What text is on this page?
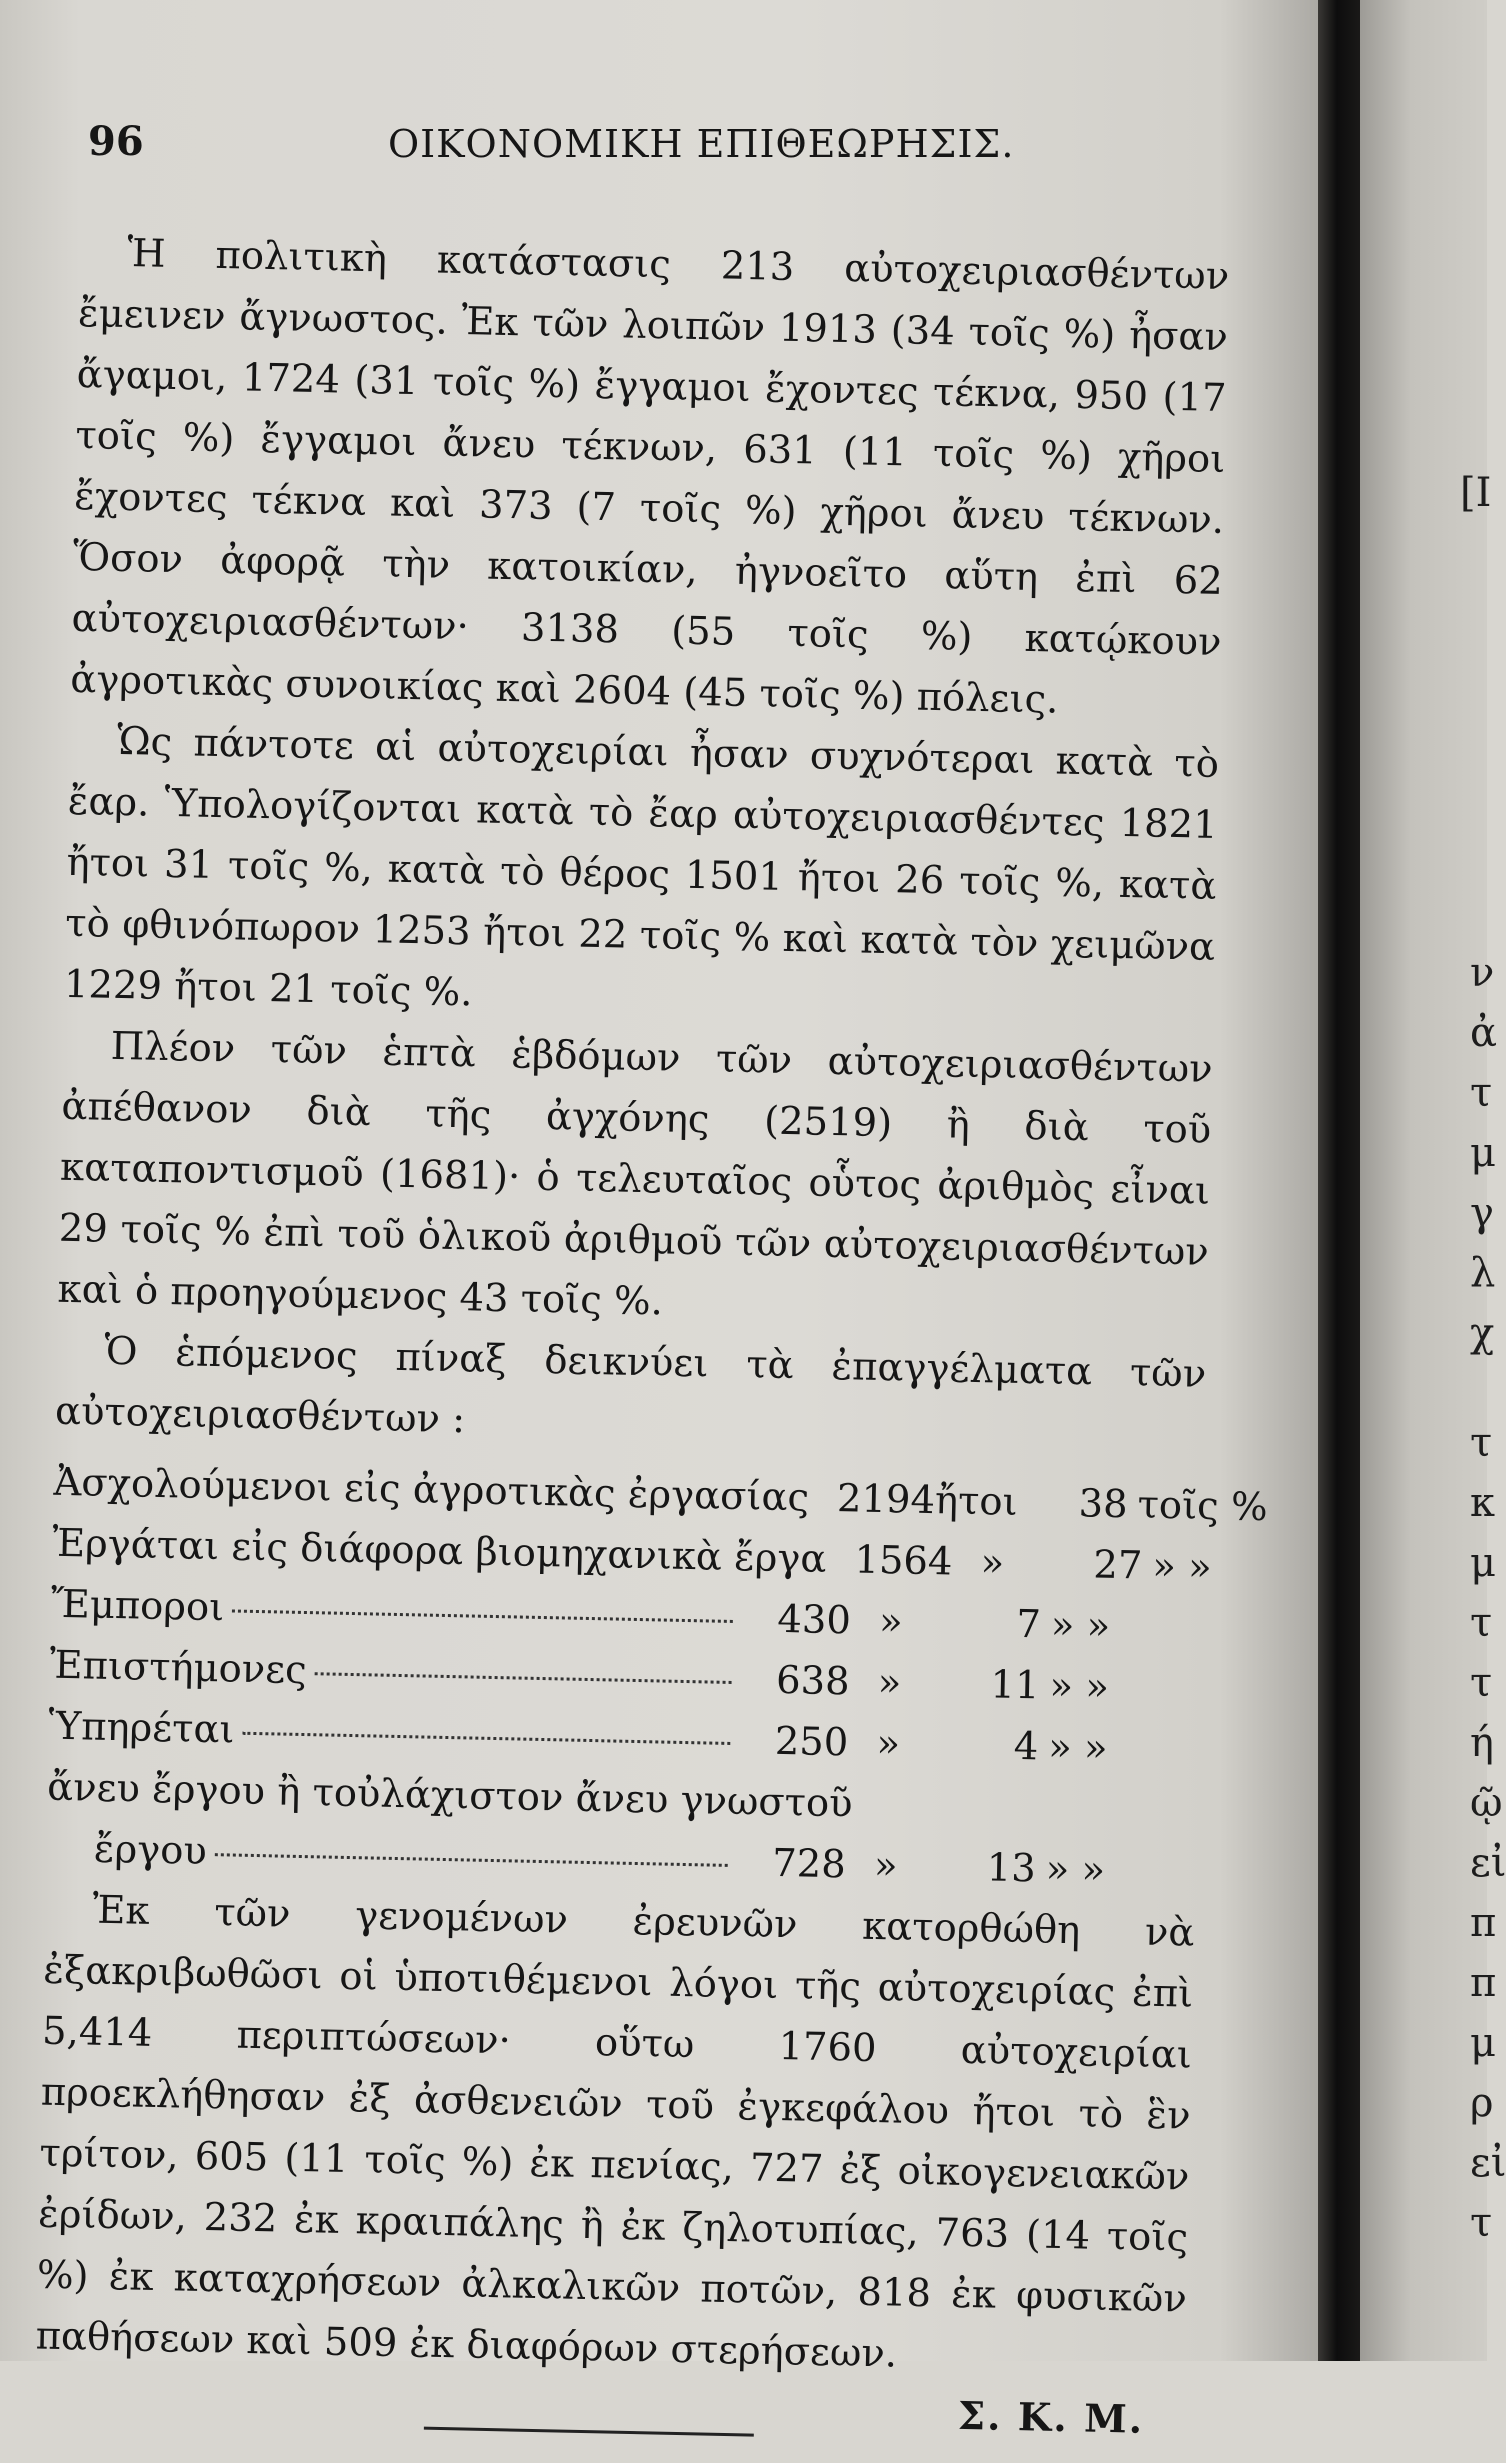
96	ΟΙΚΟΝΟΜΙΚΗ ΕΠΙΘΕΩΡΗΣΙΣ.

Ἡ πολιτικὴ κατάστασις 213 αὐτοχειριασθέντων ἔμεινεν ἄγνωστος. Ἐκ τῶν λοιπῶν 1913 (34 τοῖς %) ἦσαν ἄγαμοι, 1724 (31 τοῖς %) ἔγγαμοι ἔχοντες τέκνα, 950 (17 τοῖς %) ἔγγαμοι ἄνευ τέκνων, 631 (11 τοῖς %) χῆροι ἔχοντες τέκνα καὶ 373 (7 τοῖς %) χῆροι ἄνευ τέκνων. Ὅσον ἀφορᾷ τὴν κατοικίαν, ἠγνοεῖτο αὕτη ἐπὶ 62 αὐτοχειριασθέντων· 3138 (55 τοῖς %) κατῴκουν ἀγροτικὰς συνοικίας καὶ 2604 (45 τοῖς %) πόλεις.

Ὡς πάντοτε αἱ αὐτοχειρίαι ἦσαν συχνότεραι κατὰ τὸ ἔαρ. Ὑπολογίζονται κατὰ τὸ ἔαρ αὐτοχειριασθέντες 1821 ἤτοι 31 τοῖς %, κατὰ τὸ θέρος 1501 ἤτοι 26 τοῖς %, κατὰ τὸ φθινόπωρον 1253 ἤτοι 22 τοῖς % καὶ κατὰ τὸν χειμῶνα 1229 ἤτοι 21 τοῖς %.

Πλέον τῶν ἑπτὰ ἑβδόμων τῶν αὐτοχειριασθέντων ἀπέθανον διὰ τῆς ἀγχόνης (2519) ἢ διὰ τοῦ καταποντισμοῦ (1681)· ὁ τελευταῖος οὗτος ἀριθμὸς εἶναι 29 τοῖς % ἐπὶ τοῦ ὁλικοῦ ἀριθμοῦ τῶν αὐτοχειριασθέντων καὶ ὁ προηγούμενος 43 τοῖς %.

Ὁ ἑπόμενος πίναξ δεικνύει τὰ ἐπαγγέλματα τῶν αὐτοχειριασθέντων :

Ἀσχολούμενοι εἰς ἀγροτικὰς ἐργασίας 2194 ἤτοι	38 τοῖς %
Ἐργάται εἰς διάφορα βιομηχανικὰ ἔργα 1564 »	27 » »
Ἔμποροι	430 »	7 » »
Ἐπιστήμονες	638 »	11 » »
Ὑπηρέται	250 »	4 » »
ἄνευ ἔργου ἢ τοὐλάχιστον ἄνευ γνωστοῦ
ἔργου	728 »	13 » »

Ἐκ τῶν γενομένων ἐρευνῶν κατορθώθη νὰ ἐξακριβωθῶσι οἱ ὑποτιθέμενοι λόγοι τῆς αὐτοχειρίας ἐπὶ 5,414 περιπτώσεων· οὕτω 1760 αὐτοχειρίαι προεκλήθησαν ἐξ ἀσθενειῶν τοῦ ἐγκεφάλου ἤτοι τὸ ἓν τρίτον, 605 (11 τοῖς %) ἐκ πενίας, 727 ἐξ οἰκογενειακῶν ἐρίδων, 232 ἐκ κραιπάλης ἢ ἐκ ζηλοτυπίας, 763 (14 τοῖς %) ἐκ καταχρήσεων ἀλκαλικῶν ποτῶν, 818 ἐκ φυσικῶν παθήσεων καὶ 509 ἐκ διαφόρων στερήσεων.

Σ. Κ. Μ.
[Ι
ν
ἀ
τ
μ
γ
λ
χ
τ
κ
μ
τ
τ
ή
ῷ
εἰ
π
π
μ
ρ
εἰ
τ
